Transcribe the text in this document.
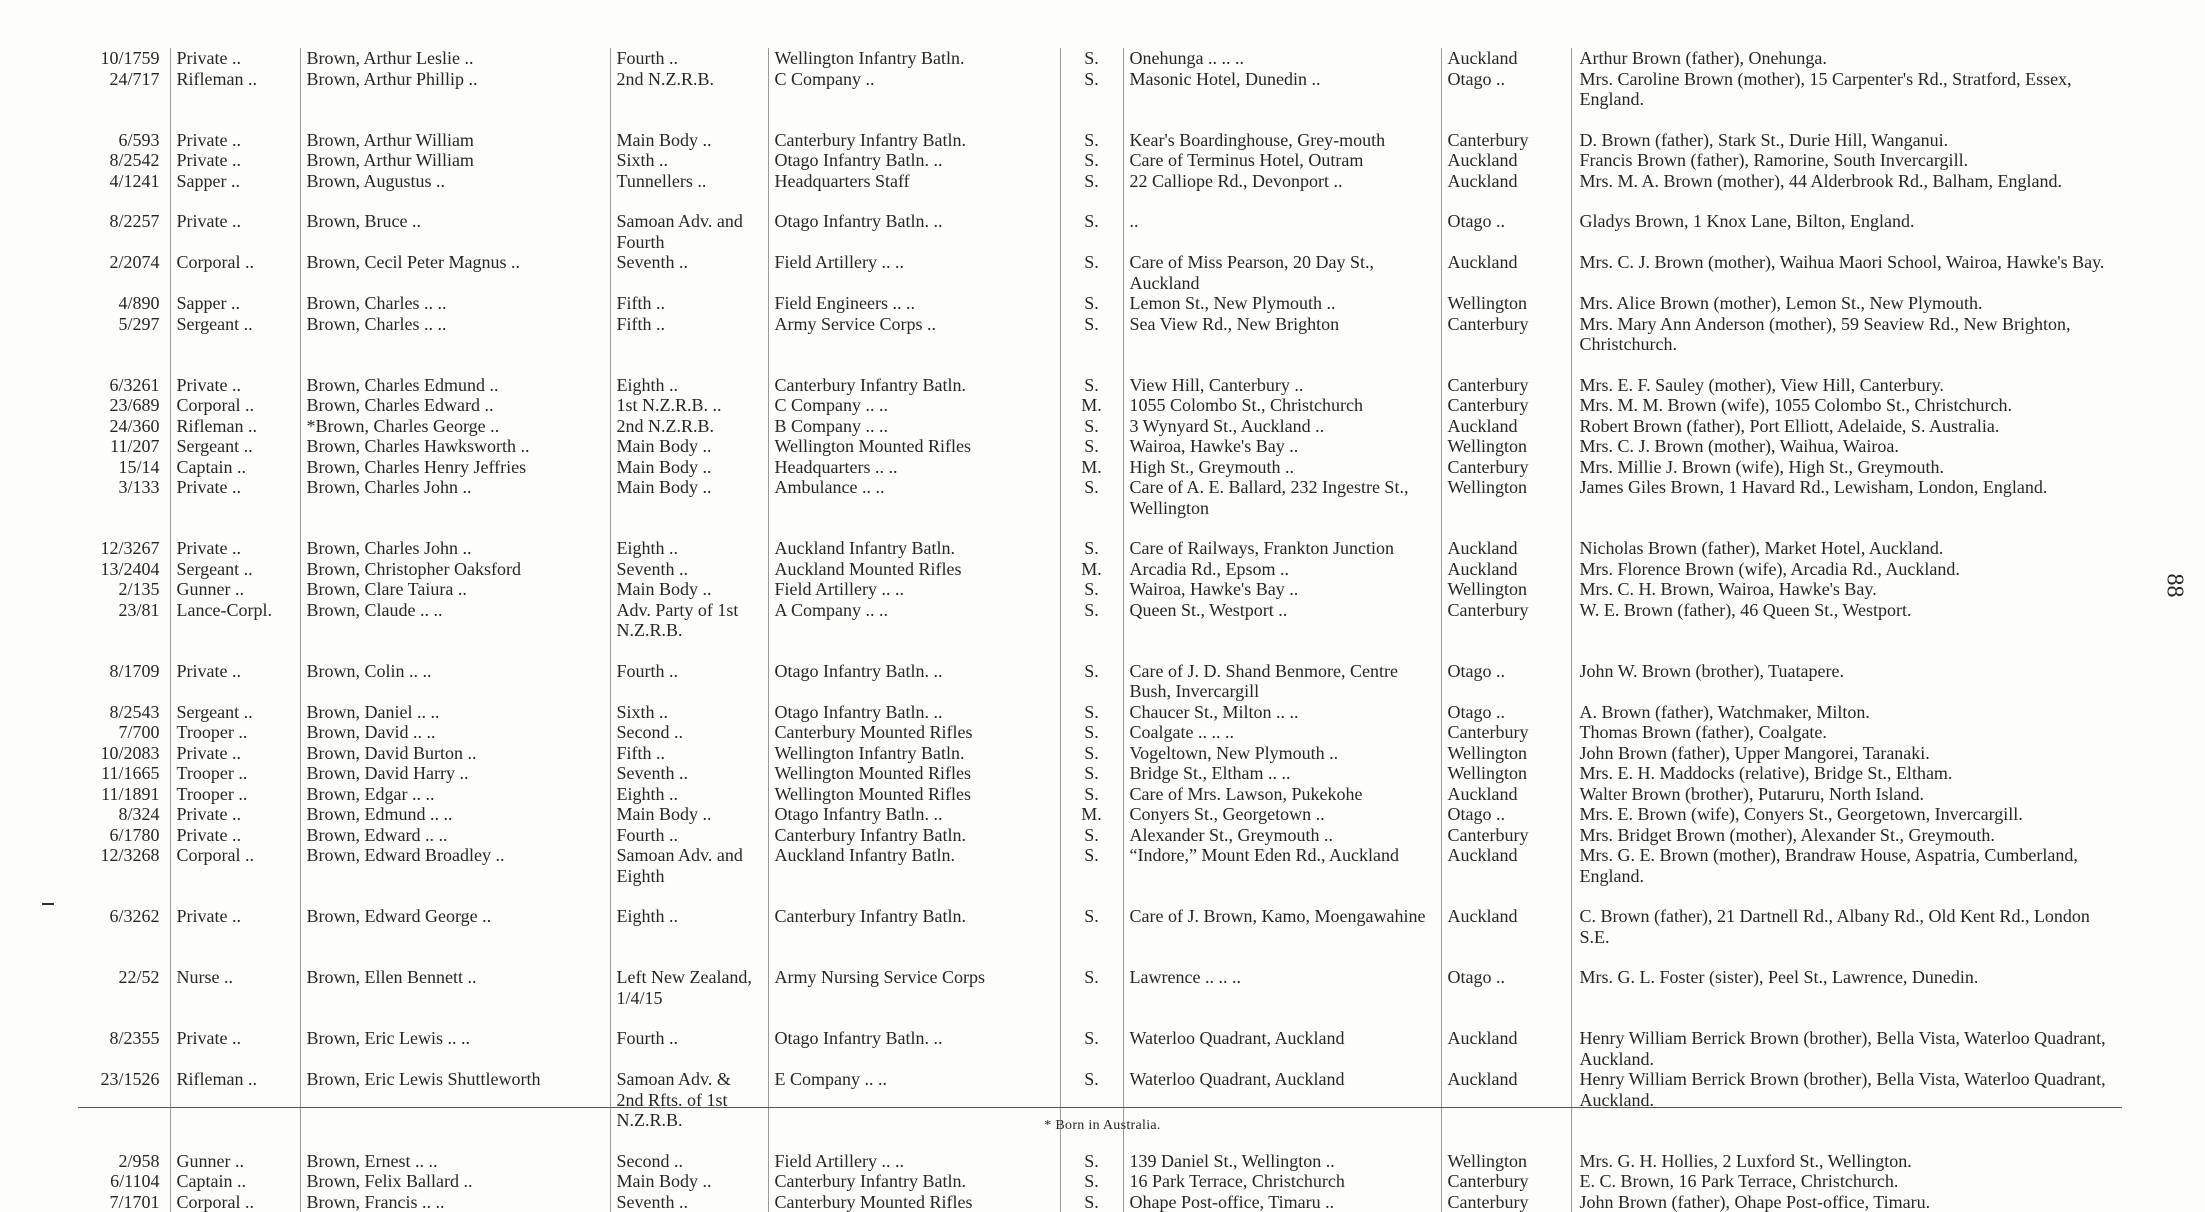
10/1759	Private ..	Brown, Arthur Leslie ..	Fourth ..	Wellington Infantry Batln.	S.	Onehunga .. .. ..	Auckland	Arthur Brown (father), Onehunga.
24/717	Rifleman ..	Brown, Arthur Phillip ..	2nd N.Z.R.B.	C Company ..	S.	Masonic Hotel, Dunedin ..	Otago ..	Mrs. Caroline Brown (mother), 15 Carpenter's Rd., Stratford, Essex, England.
6/593	Private ..	Brown, Arthur William	Main Body ..	Canterbury Infantry Batln.	S.	Kear's Boardinghouse, Grey-mouth	Canterbury	D. Brown (father), Stark St., Durie Hill, Wanganui.
8/2542	Private ..	Brown, Arthur William	Sixth ..	Otago Infantry Batln. ..	S.	Care of Terminus Hotel, Outram	Auckland	Francis Brown (father), Ramorine, South Invercargill.
4/1241	Sapper ..	Brown, Augustus ..	Tunnellers ..	Headquarters Staff	S.	22 Calliope Rd., Devonport ..	Auckland	Mrs. M. A. Brown (mother), 44 Alderbrook Rd., Balham, England.
8/2257	Private ..	Brown, Bruce ..	Samoan Adv. and Fourth	Otago Infantry Batln. ..	S.	..	Otago ..	Gladys Brown, 1 Knox Lane, Bilton, England.
2/2074	Corporal ..	Brown, Cecil Peter Magnus ..	Seventh ..	Field Artillery .. ..	S.	Care of Miss Pearson, 20 Day St., Auckland	Auckland	Mrs. C. J. Brown (mother), Waihua Maori School, Wairoa, Hawke's Bay.
4/890	Sapper ..	Brown, Charles .. ..	Fifth ..	Field Engineers .. ..	S.	Lemon St., New Plymouth ..	Wellington	Mrs. Alice Brown (mother), Lemon St., New Plymouth.
5/297	Sergeant ..	Brown, Charles .. ..	Fifth ..	Army Service Corps ..	S.	Sea View Rd., New Brighton	Canterbury	Mrs. Mary Ann Anderson (mother), 59 Seaview Rd., New Brighton, Christchurch.
6/3261	Private ..	Brown, Charles Edmund ..	Eighth ..	Canterbury Infantry Batln.	S.	View Hill, Canterbury ..	Canterbury	Mrs. E. F. Sauley (mother), View Hill, Canterbury.
23/689	Corporal ..	Brown, Charles Edward ..	1st N.Z.R.B. ..	C Company .. ..	M.	1055 Colombo St., Christchurch	Canterbury	Mrs. M. M. Brown (wife), 1055 Colombo St., Christchurch.
24/360	Rifleman ..	*Brown, Charles George ..	2nd N.Z.R.B.	B Company .. ..	S.	3 Wynyard St., Auckland ..	Auckland	Robert Brown (father), Port Elliott, Adelaide, S. Australia.
11/207	Sergeant ..	Brown, Charles Hawksworth ..	Main Body ..	Wellington Mounted Rifles	S.	Wairoa, Hawke's Bay ..	Wellington	Mrs. C. J. Brown (mother), Waihua, Wairoa.
15/14	Captain ..	Brown, Charles Henry Jeffries	Main Body ..	Headquarters .. ..	M.	High St., Greymouth ..	Canterbury	Mrs. Millie J. Brown (wife), High St., Greymouth.
3/133	Private ..	Brown, Charles John ..	Main Body ..	Ambulance .. ..	S.	Care of A. E. Ballard, 232 Ingestre St., Wellington	Wellington	James Giles Brown, 1 Havard Rd., Lewisham, London, England.
12/3267	Private ..	Brown, Charles John ..	Eighth ..	Auckland Infantry Batln.	S.	Care of Railways, Frankton Junction	Auckland	Nicholas Brown (father), Market Hotel, Auckland.
13/2404	Sergeant ..	Brown, Christopher Oaksford	Seventh ..	Auckland Mounted Rifles	M.	Arcadia Rd., Epsom ..	Auckland	Mrs. Florence Brown (wife), Arcadia Rd., Auckland.
2/135	Gunner ..	Brown, Clare Taiura ..	Main Body ..	Field Artillery .. ..	S.	Wairoa, Hawke's Bay ..	Wellington	Mrs. C. H. Brown, Wairoa, Hawke's Bay.
23/81	Lance-Corpl.	Brown, Claude .. ..	Adv. Party of 1st N.Z.R.B.	A Company .. ..	S.	Queen St., Westport ..	Canterbury	W. E. Brown (father), 46 Queen St., Westport.
8/1709	Private ..	Brown, Colin .. ..	Fourth ..	Otago Infantry Batln. ..	S.	Care of J. D. Shand Benmore, Centre Bush, Invercargill	Otago ..	John W. Brown (brother), Tuatapere.
8/2543	Sergeant ..	Brown, Daniel .. ..	Sixth ..	Otago Infantry Batln. ..	S.	Chaucer St., Milton .. ..	Otago ..	A. Brown (father), Watchmaker, Milton.
7/700	Trooper ..	Brown, David .. ..	Second ..	Canterbury Mounted Rifles	S.	Coalgate .. .. ..	Canterbury	Thomas Brown (father), Coalgate.
10/2083	Private ..	Brown, David Burton ..	Fifth ..	Wellington Infantry Batln.	S.	Vogeltown, New Plymouth ..	Wellington	John Brown (father), Upper Mangorei, Taranaki.
11/1665	Trooper ..	Brown, David Harry ..	Seventh ..	Wellington Mounted Rifles	S.	Bridge St., Eltham .. ..	Wellington	Mrs. E. H. Maddocks (relative), Bridge St., Eltham.
11/1891	Trooper ..	Brown, Edgar .. ..	Eighth ..	Wellington Mounted Rifles	S.	Care of Mrs. Lawson, Pukekohe	Auckland	Walter Brown (brother), Putaruru, North Island.
8/324	Private ..	Brown, Edmund .. ..	Main Body ..	Otago Infantry Batln. ..	M.	Conyers St., Georgetown ..	Otago ..	Mrs. E. Brown (wife), Conyers St., Georgetown, Invercargill.
6/1780	Private ..	Brown, Edward .. ..	Fourth ..	Canterbury Infantry Batln.	S.	Alexander St., Greymouth ..	Canterbury	Mrs. Bridget Brown (mother), Alexander St., Greymouth.
12/3268	Corporal ..	Brown, Edward Broadley ..	Samoan Adv. and Eighth	Auckland Infantry Batln.	S.	“Indore,” Mount Eden Rd., Auckland	Auckland	Mrs. G. E. Brown (mother), Brandraw House, Aspatria, Cumberland, England.
6/3262	Private ..	Brown, Edward George ..	Eighth ..	Canterbury Infantry Batln.	S.	Care of J. Brown, Kamo, Moengawahine	Auckland	C. Brown (father), 21 Dartnell Rd., Albany Rd., Old Kent Rd., London S.E.
22/52	Nurse ..	Brown, Ellen Bennett ..	Left New Zealand, 1/4/15	Army Nursing Service Corps	S.	Lawrence .. .. ..	Otago ..	Mrs. G. L. Foster (sister), Peel St., Lawrence, Dunedin.
8/2355	Private ..	Brown, Eric Lewis .. ..	Fourth ..	Otago Infantry Batln. ..	S.	Waterloo Quadrant, Auckland	Auckland	Henry William Berrick Brown (brother), Bella Vista, Waterloo Quadrant, Auckland.
23/1526	Rifleman ..	Brown, Eric Lewis Shuttleworth	Samoan Adv. & 2nd Rfts. of 1st N.Z.R.B.	E Company .. ..	S.	Waterloo Quadrant, Auckland	Auckland	Henry William Berrick Brown (brother), Bella Vista, Waterloo Quadrant, Auckland.
2/958	Gunner ..	Brown, Ernest .. ..	Second ..	Field Artillery .. ..	S.	139 Daniel St., Wellington ..	Wellington	Mrs. G. H. Hollies, 2 Luxford St., Wellington.
6/1104	Captain ..	Brown, Felix Ballard ..	Main Body ..	Canterbury Infantry Batln.	S.	16 Park Terrace, Christchurch	Canterbury	E. C. Brown, 16 Park Terrace, Christchurch.
7/1701	Corporal ..	Brown, Francis .. ..	Seventh ..	Canterbury Mounted Rifles	S.	Ohape Post-office, Timaru ..	Canterbury	John Brown (father), Ohape Post-office, Timaru.
* Born in Australia.
88
